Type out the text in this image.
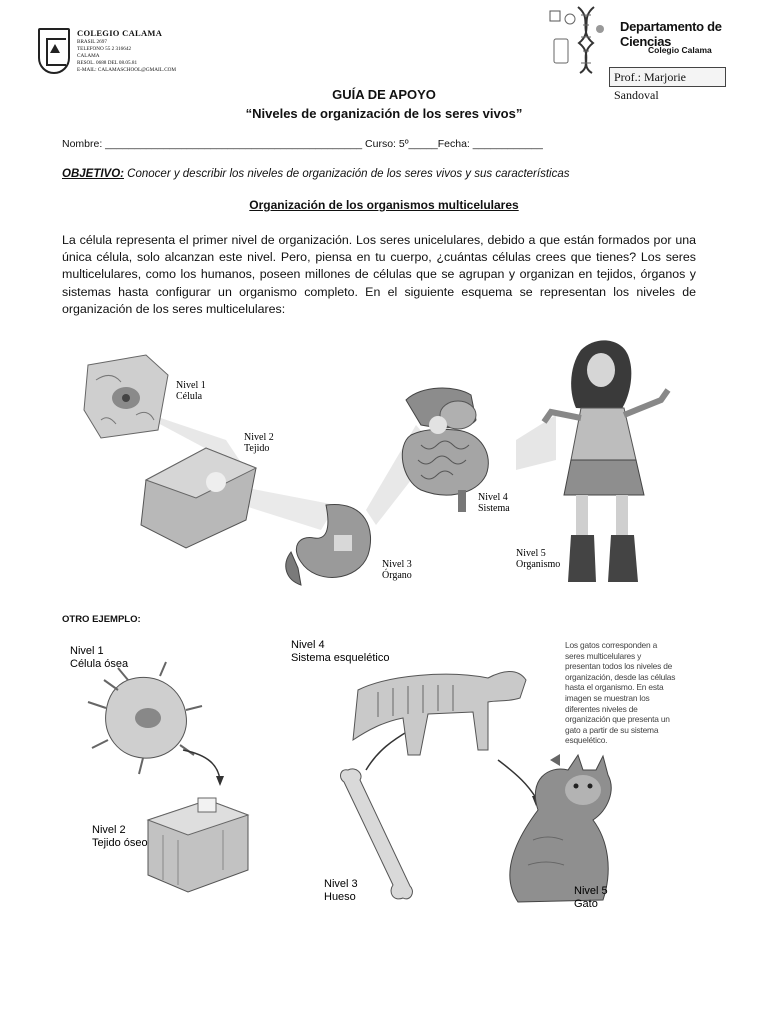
COLEGIO CALAMA
BRASIL 2697
TELEFONO 55 2 316642
CALAMA
RESOL. 0688 DEL 08.05.81
E-MAIL: CALAMASCHOOL@GMAIL.COM
Departamento de Ciencias
Colegio Calama
Prof.: Marjorie Sandoval
GUÍA DE APOYO
“Niveles de organización de los seres vivos”
Nombre: ____________________________________________ Curso: 5º_____Fecha: ____________
OBJETIVO: Conocer y describir los niveles de organización de los seres vivos y sus características
Organización de los organismos multicelulares
La célula representa el primer nivel de organización. Los seres unicelulares, debido a que están formados por una única célula, solo alcanzan este nivel. Pero, piensa en tu cuerpo, ¿cuántas células crees que tienes? Los seres multicelulares, como los humanos, poseen millones de células que se agrupan y organizan en tejidos, órganos y sistemas hasta configurar un organismo completo. En el siguiente esquema se representan los niveles de organización de los seres multicelulares:
Nivel 1
Célula
Nivel 2
Tejido
Nivel 3
Órgano
Nivel 4
Sistema
Nivel 5
Organismo
OTRO EJEMPLO:
Nivel 1
Célula ósea
Nivel 2
Tejido óseo
Nivel 3
Hueso
Nivel 4
Sistema esquelético
Nivel 5
Gato
Los gatos corresponden a seres multicelulares y presentan todos los niveles de organización, desde las células hasta el organismo. En esta imagen se muestran los diferentes niveles de organización que presenta un gato a partir de su sistema esquelético.
